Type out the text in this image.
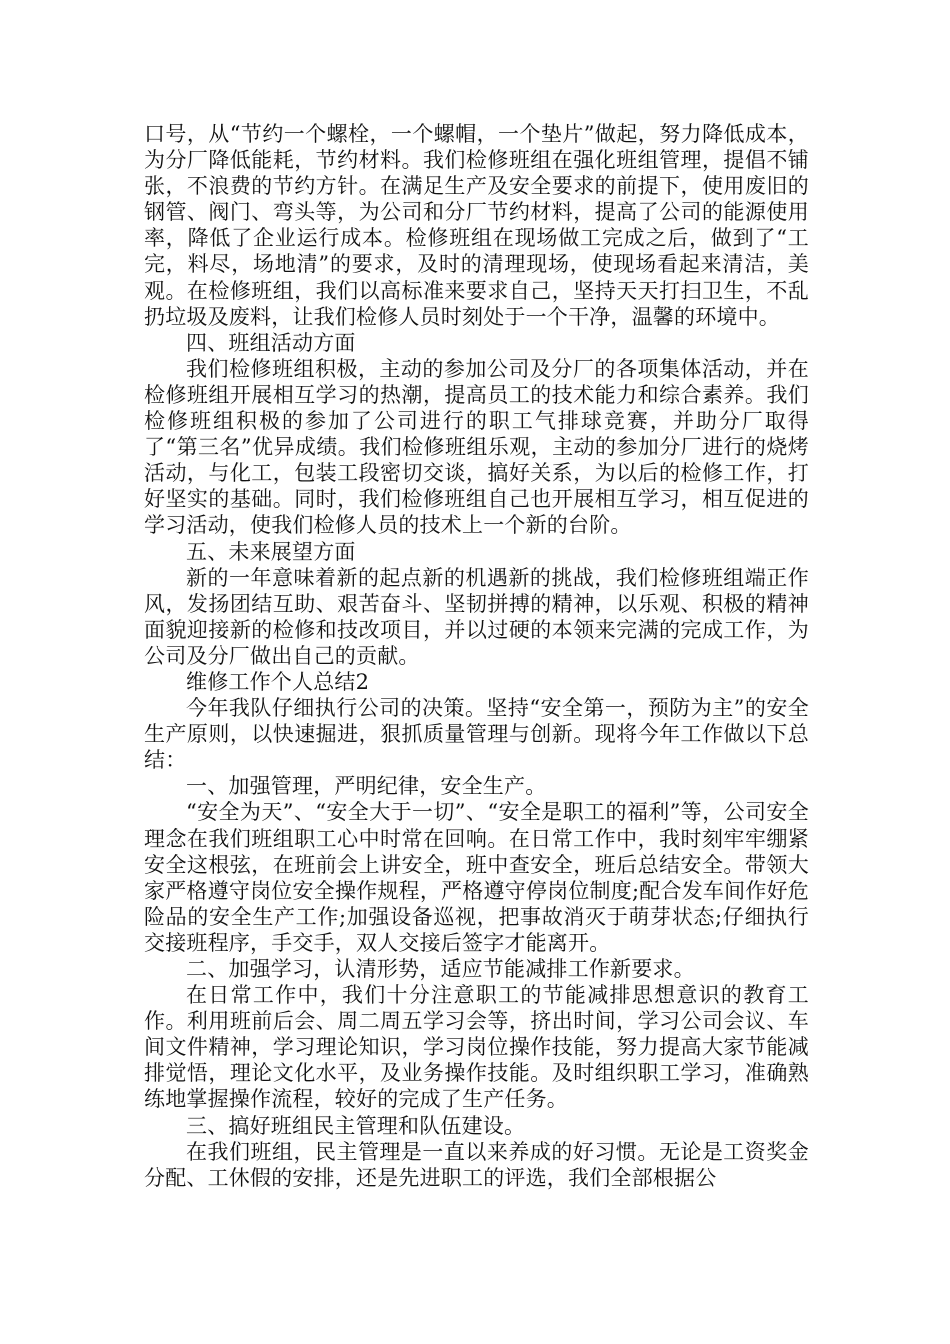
口号，从“节约一个螺栓，一个螺帽，一个垫片”做起，努力降低成本，为分厂降低能耗，节约材料。我们检修班组在强化班组管理，提倡不铺张，不浪费的节约方针。在满足生产及安全要求的前提下，使用废旧的钢管、阀门、弯头等，为公司和分厂节约材料，提高了公司的能源使用率，降低了企业运行成本。检修班组在现场做工完成之后，做到了“工完，料尽，场地清”的要求，及时的清理现场，使现场看起来清洁，美观。在检修班组，我们以高标准来要求自己，坚持天天打扫卫生，不乱扔垃圾及废料，让我们检修人员时刻处于一个干净，温馨的环境中。

四、班组活动方面

我们检修班组积极，主动的参加公司及分厂的各项集体活动，并在检修班组开展相互学习的热潮，提高员工的技术能力和综合素养。我们检修班组积极的参加了公司进行的职工气排球竞赛，并助分厂取得了“第三名”优异成绩。我们检修班组乐观，主动的参加分厂进行的烧烤活动，与化工，包装工段密切交谈，搞好关系，为以后的检修工作，打好坚实的基础。同时，我们检修班组自己也开展相互学习，相互促进的学习活动，使我们检修人员的技术上一个新的台阶。

五、未来展望方面

新的一年意味着新的起点新的机遇新的挑战，我们检修班组端正作风，发扬团结互助、艰苦奋斗、坚韧拼搏的精神，以乐观、积极的精神面貌迎接新的检修和技改项目，并以过硬的本领来完满的完成工作，为公司及分厂做出自己的贡献。

维修工作个人总结2

今年我队仔细执行公司的决策。坚持“安全第一，预防为主”的安全生产原则，以快速掘进，狠抓质量管理与创新。现将今年工作做以下总结：

一、加强管理，严明纪律，安全生产。

“安全为天”、“安全大于一切”、“安全是职工的福利”等，公司安全理念在我们班组职工心中时常在回响。在日常工作中，我时刻牢牢绷紧安全这根弦，在班前会上讲安全，班中查安全，班后总结安全。带领大家严格遵守岗位安全操作规程，严格遵守停岗位制度;配合发车间作好危险品的安全生产工作;加强设备巡视，把事故消灭于萌芽状态;仔细执行交接班程序，手交手，双人交接后签字才能离开。

二、加强学习，认清形势，适应节能减排工作新要求。

在日常工作中，我们十分注意职工的节能减排思想意识的教育工作。利用班前后会、周二周五学习会等，挤出时间，学习公司会议、车间文件精神，学习理论知识，学习岗位操作技能，努力提高大家节能减排觉悟，理论文化水平，及业务操作技能。及时组织职工学习，准确熟练地掌握操作流程，较好的完成了生产任务。

三、搞好班组民主管理和队伍建设。

在我们班组，民主管理是一直以来养成的好习惯。无论是工资奖金分配、工休假的安排，还是先进职工的评选，我们全部根据公
